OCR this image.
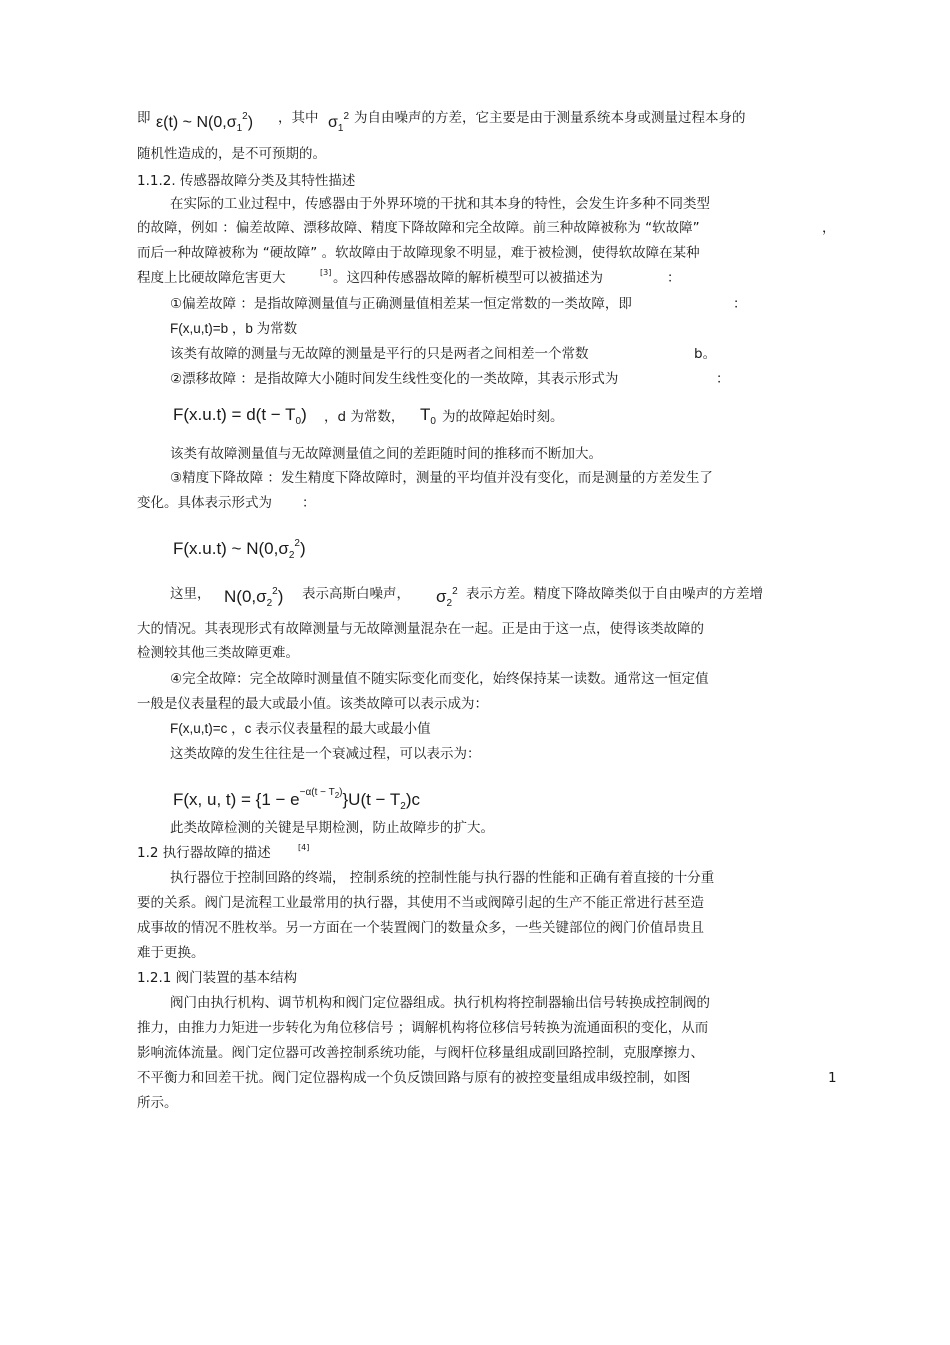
即 ε(t) ~ $N(0,\sigma_1^2)$ ，其中 $\sigma_1^2$ 为自由噪声的方差，它主要是由于测量系统本身或测量过程本身的
随机性造成的，是不可预期的。
1.1.2. 传感器故障分类及其特性描述
在实际的工业过程中，传感器由于外界环境的干扰和其本身的特性，会发生许多种不同类型
的故障，例如 ：偏差故障、漂移故障、精度下降故障和完全故障。前三种故障被称为 “软故障”	，
而后一种故障被称为 “硬故障” 。软故障由于故障现象不明显，难于被检测，使得软故障在某种
程度上比硬故障危害更大	[3] 。这四种传感器故障的解析模型可以被描述为	：
①偏差故障 ：是指故障测量值与正确测量值相差某一恒定常数的一类故障，即	：
F(x,u,t)=b ，b 为常数
该类有故障的测量与无故障的测量是平行的只是两者之间相差一个常数	b。
②漂移故障 ：是指故障大小随时间发生线性变化的一类故障，其表示形式为	：
$F(x.u.t) = d(t - T_0)$ ，d 为常数， $T_0$ 为的故障起始时刻。
该类有故障测量值与无故障测量值之间的差距随时间的推移而不断加大。
③精度下降故障 ：发生精度下降故障时，测量的平均值并没有变化，而是测量的方差发生了
变化。具体表示形式为 ：
F(x.u.t) ~ $N(0,\sigma_2^2)$
这里， $N(0,\sigma_2^2)$ 表示高斯白噪声， $\sigma_2^2$ 表示方差。精度下降故障类似于自由噪声的方差增
大的情况。其表现形式有故障测量与无故障测量混杂在一起。正是由于这一点，使得该类故障的
检测较其他三类故障更难。
④完全故障：完全故障时测量值不随实际变化而变化，始终保持某一读数。通常这一恒定值
一般是仪表量程的最大或最小值。该类故障可以表示成为：
F(x,u,t)=c ，c 表示仪表量程的最大或最小值
这类故障的发生往往是一个衰减过程，可以表示为：
F(x, u, $t) = \{1 - e^{-\alpha(t - T_2)}\}U(t - T_2)c$
此类故障检测的关键是早期检测，防止故障步的扩大。
1.2 执行器故障的描述	[4]
执行器位于控制回路的终端， 控制系统的控制性能与执行器的性能和正确有着直接的十分重
要的关系。阀门是流程工业最常用的执行器，其使用不当或阀障引起的生产不能正常进行甚至造
成事故的情况不胜枚举。另一方面在一个装置阀门的数量众多，一些关键部位的阀门价值昂贵且
难于更换。
1.2.1 阀门装置的基本结构
阀门由执行机构、调节机构和阀门定位器组成。执行机构将控制器输出信号转换成控制阀的
推力，由推力力矩进一步转化为角位移信号 ；调解机构将位移信号转换为流通面积的变化，从而
影响流体流量。阀门定位器可改善控制系统功能，与阀杆位移量组成副回路控制，克服摩擦力、
不平衡力和回差干扰。阀门定位器构成一个负反馈回路与原有的被控变量组成串级控制，如图	1
所示。
